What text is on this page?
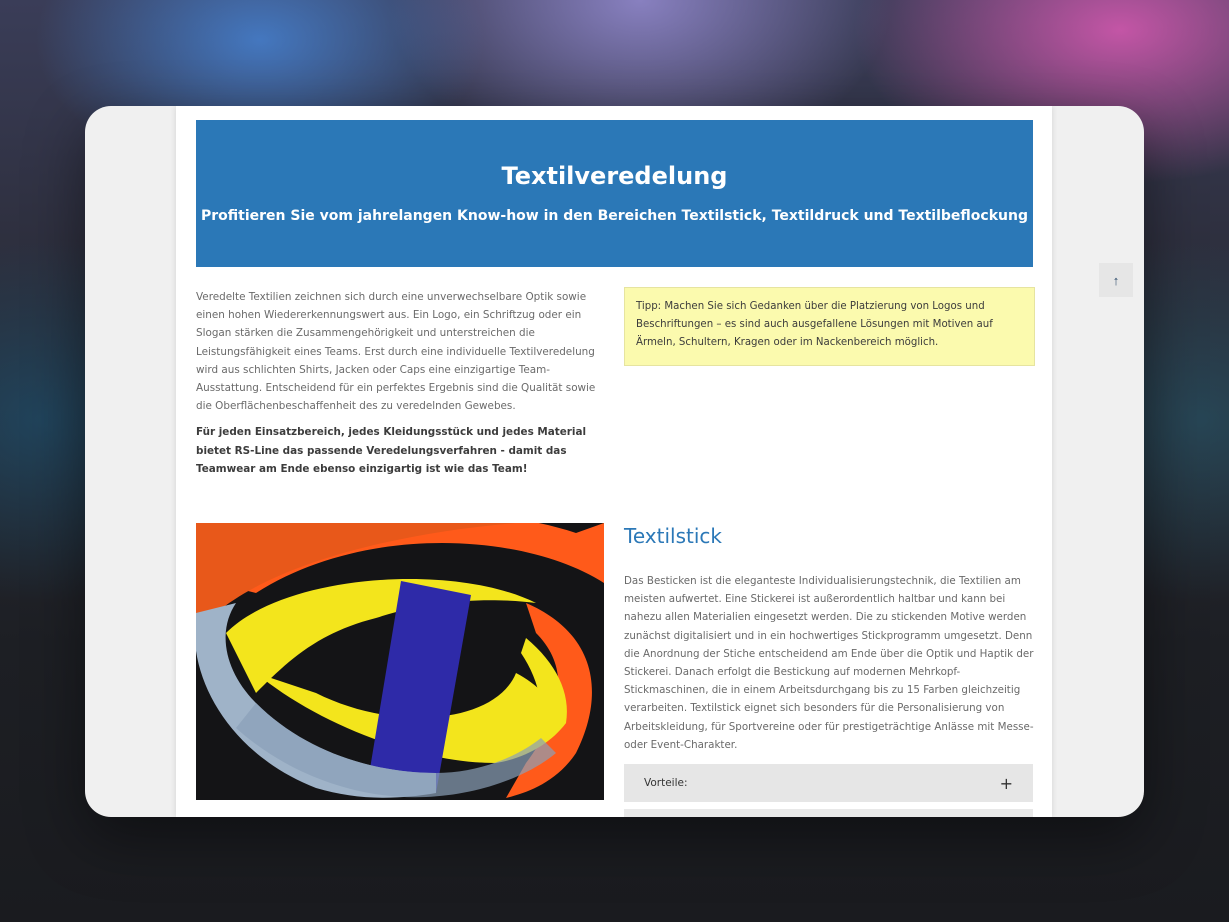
Textilveredelung
Profitieren Sie vom jahrelangen Know-how in den Bereichen Textilstick, Textildruck und Textilbeflockung

Veredelte Textilien zeichnen sich durch eine unverwechselbare Optik sowie einen hohen Wiedererkennungswert aus. Ein Logo, ein Schriftzug oder ein Slogan stärken die Zusammengehörigkeit und unterstreichen die Leistungsfähigkeit eines Teams. Erst durch eine individuelle Textilveredelung wird aus schlichten Shirts, Jacken oder Caps eine einzigartige Team-Ausstattung. Entscheidend für ein perfektes Ergebnis sind die Qualität sowie die Oberflächenbeschaffenheit des zu veredelnden Gewebes.

Für jeden Einsatzbereich, jedes Kleidungsstück und jedes Material bietet RS-Line das passende Veredelungsverfahren - damit das Teamwear am Ende ebenso einzigartig ist wie das Team!

Tipp: Machen Sie sich Gedanken über die Platzierung von Logos und Beschriftungen – es sind auch ausgefallene Lösungen mit Motiven auf Ärmeln, Schultern, Kragen oder im Nackenbereich möglich.
Textilstick

Das Besticken ist die eleganteste Individualisierungstechnik, die Textilien am meisten aufwertet. Eine Stickerei ist außerordentlich haltbar und kann bei nahezu allen Materialien eingesetzt werden. Die zu stickenden Motive werden zunächst digitalisiert und in ein hochwertiges Stickprogramm umgesetzt. Denn die Anordnung der Stiche entscheidend am Ende über die Optik und Haptik der Stickerei. Danach erfolgt die Bestickung auf modernen Mehrkopf-Stickmaschinen, die in einem Arbeitsdurchgang bis zu 15 Farben gleichzeitig verarbeiten. Textilstick eignet sich besonders für die Personalisierung von Arbeitskleidung, für Sportvereine oder für prestigeträchtige Anlässe mit Messe- oder Event-Charakter.

Vorteile:	+
↑
